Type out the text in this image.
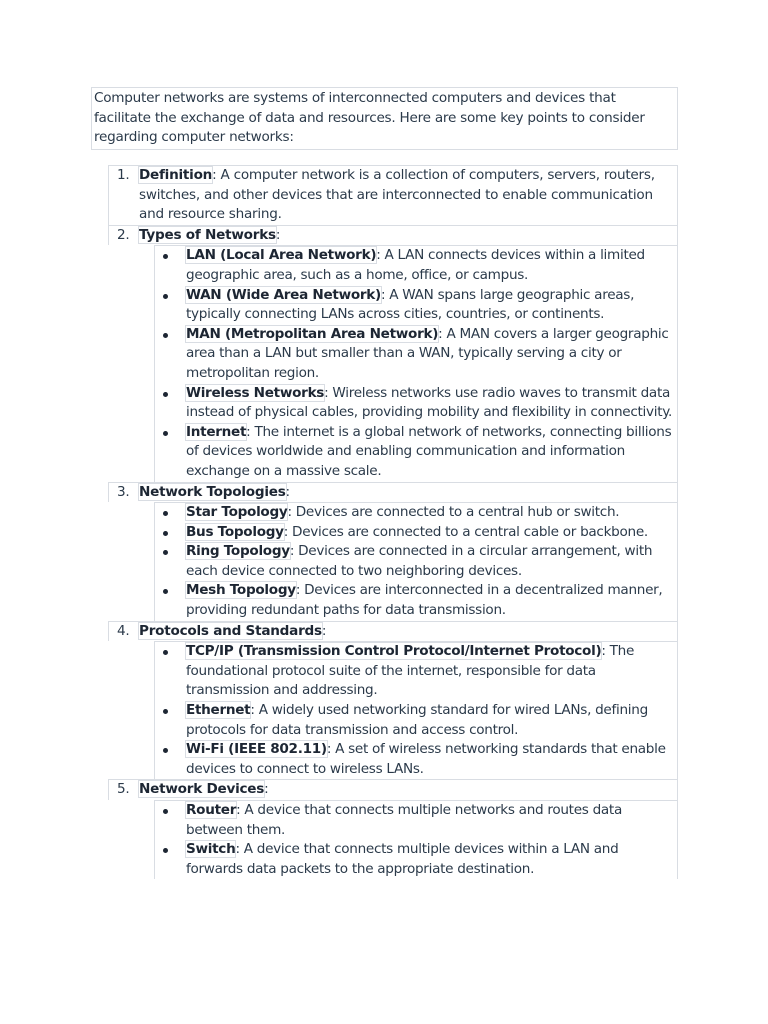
Computer networks are systems of interconnected computers and devices that facilitate the exchange of data and resources. Here are some key points to consider regarding computer networks:
1. Definition: A computer network is a collection of computers, servers, routers, switches, and other devices that are interconnected to enable communication and resource sharing.
2. Types of Networks:
LAN (Local Area Network): A LAN connects devices within a limited geographic area, such as a home, office, or campus.
WAN (Wide Area Network): A WAN spans large geographic areas, typically connecting LANs across cities, countries, or continents.
MAN (Metropolitan Area Network): A MAN covers a larger geographic area than a LAN but smaller than a WAN, typically serving a city or metropolitan region.
Wireless Networks: Wireless networks use radio waves to transmit data instead of physical cables, providing mobility and flexibility in connectivity.
Internet: The internet is a global network of networks, connecting billions of devices worldwide and enabling communication and information exchange on a massive scale.
3. Network Topologies:
Star Topology: Devices are connected to a central hub or switch.
Bus Topology: Devices are connected to a central cable or backbone.
Ring Topology: Devices are connected in a circular arrangement, with each device connected to two neighboring devices.
Mesh Topology: Devices are interconnected in a decentralized manner, providing redundant paths for data transmission.
4. Protocols and Standards:
TCP/IP (Transmission Control Protocol/Internet Protocol): The foundational protocol suite of the internet, responsible for data transmission and addressing.
Ethernet: A widely used networking standard for wired LANs, defining protocols for data transmission and access control.
Wi-Fi (IEEE 802.11): A set of wireless networking standards that enable devices to connect to wireless LANs.
5. Network Devices:
Router: A device that connects multiple networks and routes data between them.
Switch: A device that connects multiple devices within a LAN and forwards data packets to the appropriate destination.
